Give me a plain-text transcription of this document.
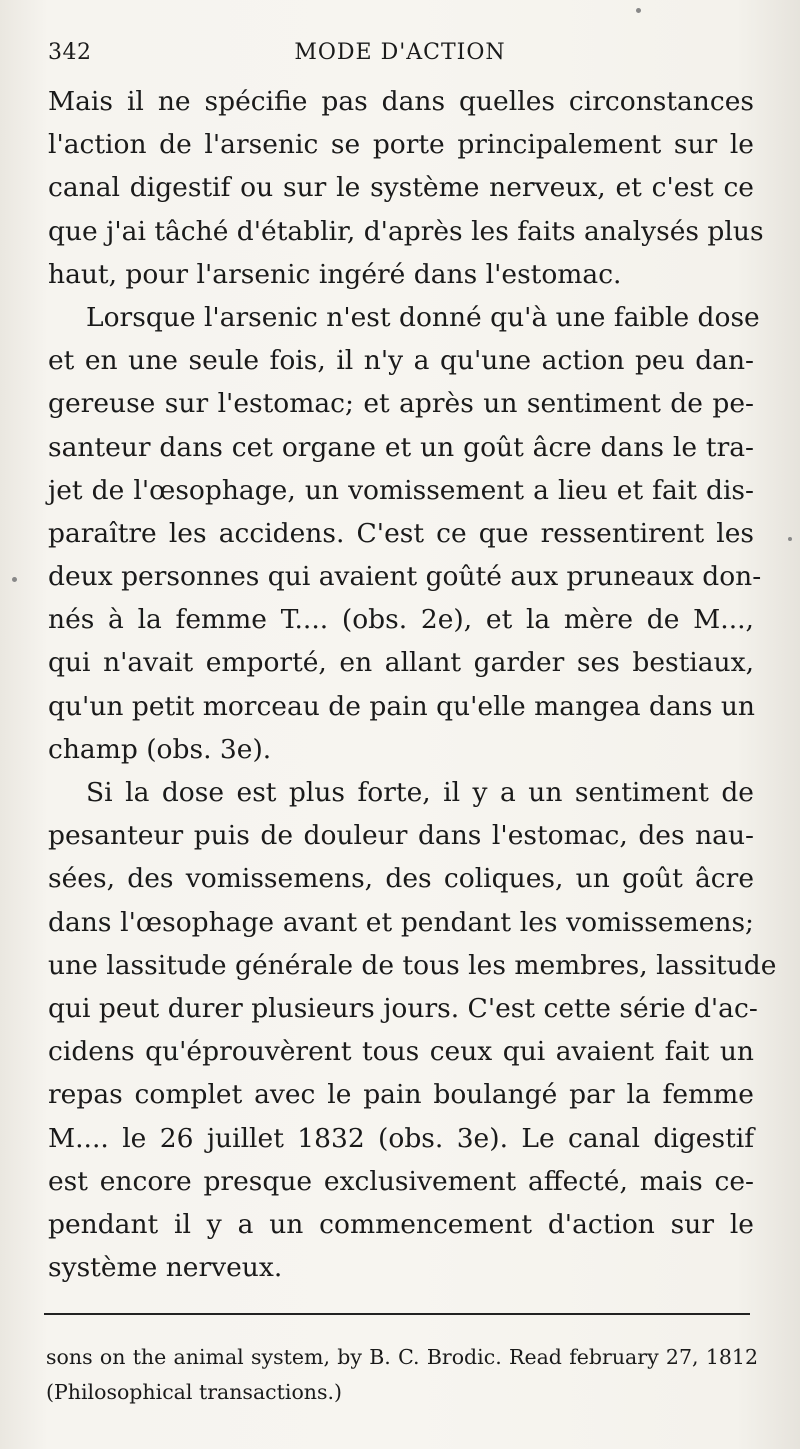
342	MODE D'ACTION

Mais il ne spécifie pas dans quelles circonstances
l'action de l'arsenic se porte principalement sur le
canal digestif ou sur le système nerveux, et c'est ce
que j'ai tâché d'établir, d'après les faits analysés plus
haut, pour l'arsenic ingéré dans l'estomac.

Lorsque l'arsenic n'est donné qu'à une faible dose
et en une seule fois, il n'y a qu'une action peu dan-
gereuse sur l'estomac; et après un sentiment de pe-
santeur dans cet organe et un goût âcre dans le tra-
jet de l'œsophage, un vomissement a lieu et fait dis-
paraître les accidens. C'est ce que ressentirent les
deux personnes qui avaient goûté aux pruneaux don-
nés à la femme T.... (obs. 2e), et la mère de M...,
qui n'avait emporté, en allant garder ses bestiaux,
qu'un petit morceau de pain qu'elle mangea dans un
champ (obs. 3e).

Si la dose est plus forte, il y a un sentiment de
pesanteur puis de douleur dans l'estomac, des nau-
sées, des vomissemens, des coliques, un goût âcre
dans l'œsophage avant et pendant les vomissemens;
une lassitude générale de tous les membres, lassitude
qui peut durer plusieurs jours. C'est cette série d'ac-
cidens qu'éprouvèrent tous ceux qui avaient fait un
repas complet avec le pain boulangé par la femme
M.... le 26 juillet 1832 (obs. 3e). Le canal digestif
est encore presque exclusivement affecté, mais ce-
pendant il y a un commencement d'action sur le
système nerveux.

sons on the animal system, by B. C. Brodic. Read february 27, 1812
(Philosophical transactions.)
